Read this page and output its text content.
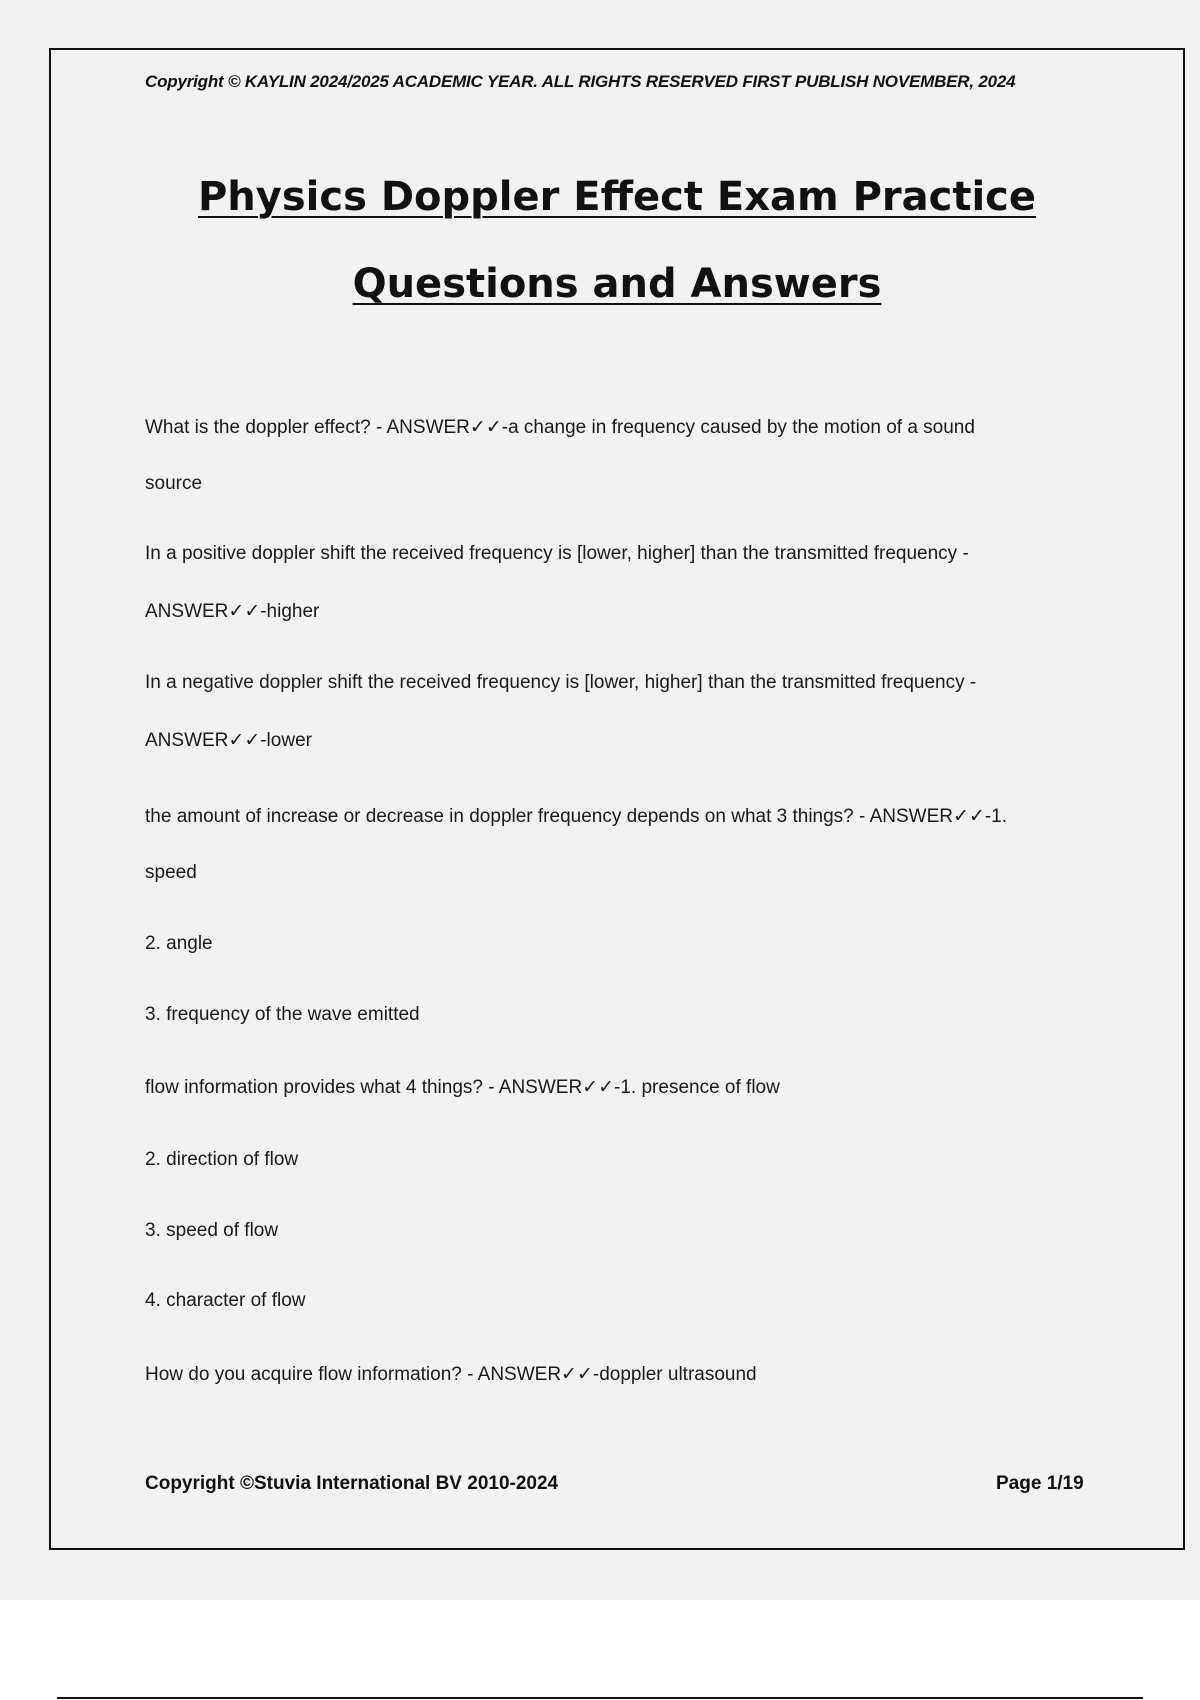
Copyright © KAYLIN 2024/2025 ACADEMIC YEAR. ALL RIGHTS RESERVED FIRST PUBLISH NOVEMBER, 2024
Physics Doppler Effect Exam Practice
Questions and Answers
What is the doppler effect? - ANSWER✓✓-a change in frequency caused by the motion of a sound
source
In a positive doppler shift the received frequency is [lower, higher] than the transmitted frequency -
ANSWER✓✓-higher
In a negative doppler shift the received frequency is [lower, higher] than the transmitted frequency -
ANSWER✓✓-lower
the amount of increase or decrease in doppler frequency depends on what 3 things? - ANSWER✓✓-1.
speed
2. angle
3. frequency of the wave emitted
flow information provides what 4 things? - ANSWER✓✓-1. presence of flow
2. direction of flow
3. speed of flow
4. character of flow
How do you acquire flow information? - ANSWER✓✓-doppler ultrasound
Copyright ©Stuvia International BV 2010-2024	Page 1/19
